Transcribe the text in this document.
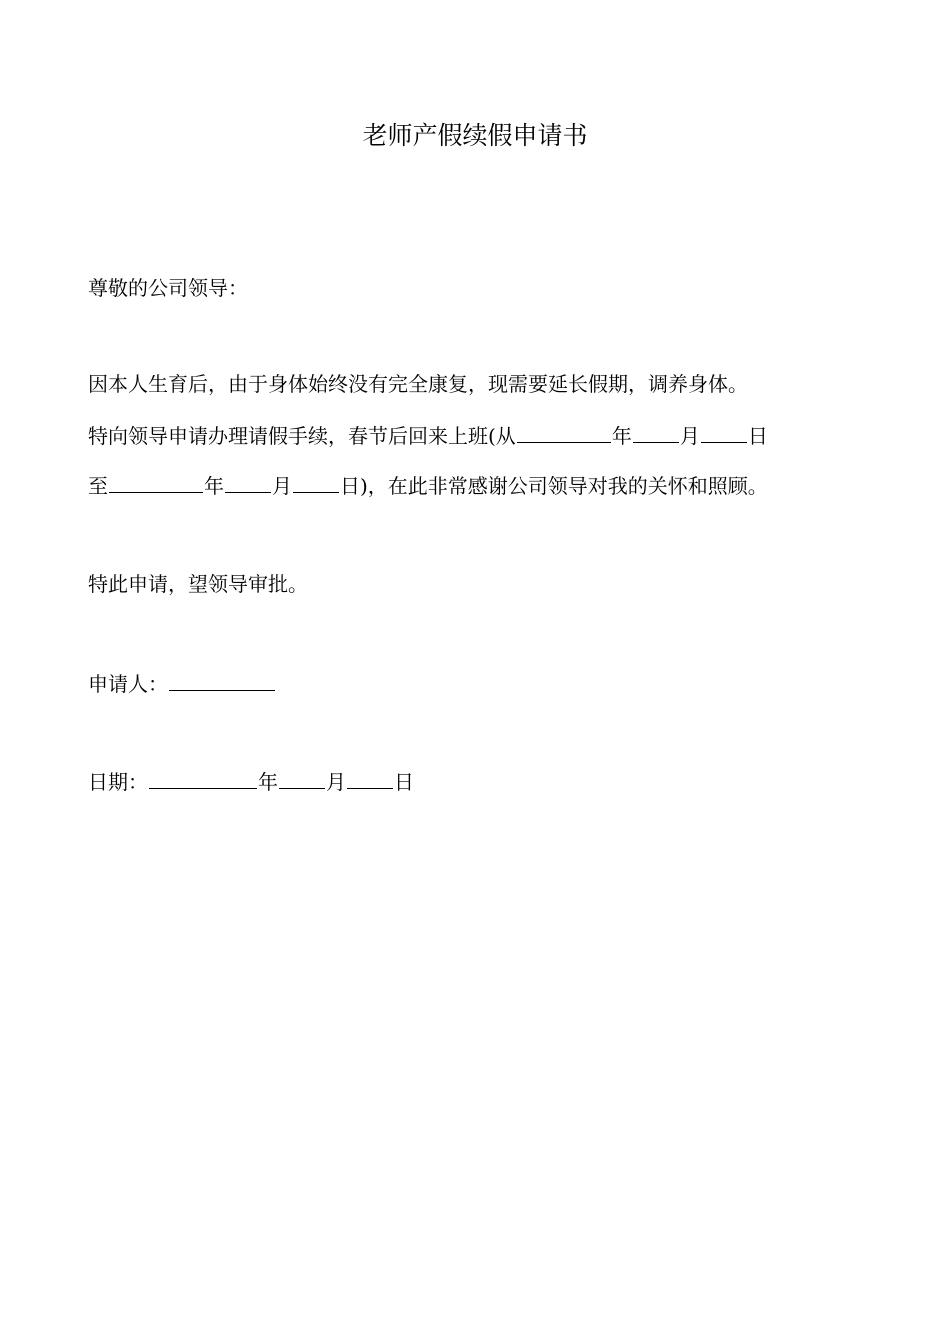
老师产假续假申请书
尊敬的公司领导：
因本人生育后，由于身体始终没有完全康复，现需要延长假期，调养身体。
特向领导申请办理请假手续，春节后回来上班(从	年 月 日
至	年 月 日)，在此非常感谢公司领导对我的关怀和照顾。
特此申请，望领导审批。
申请人：
日期：	年 月 日
